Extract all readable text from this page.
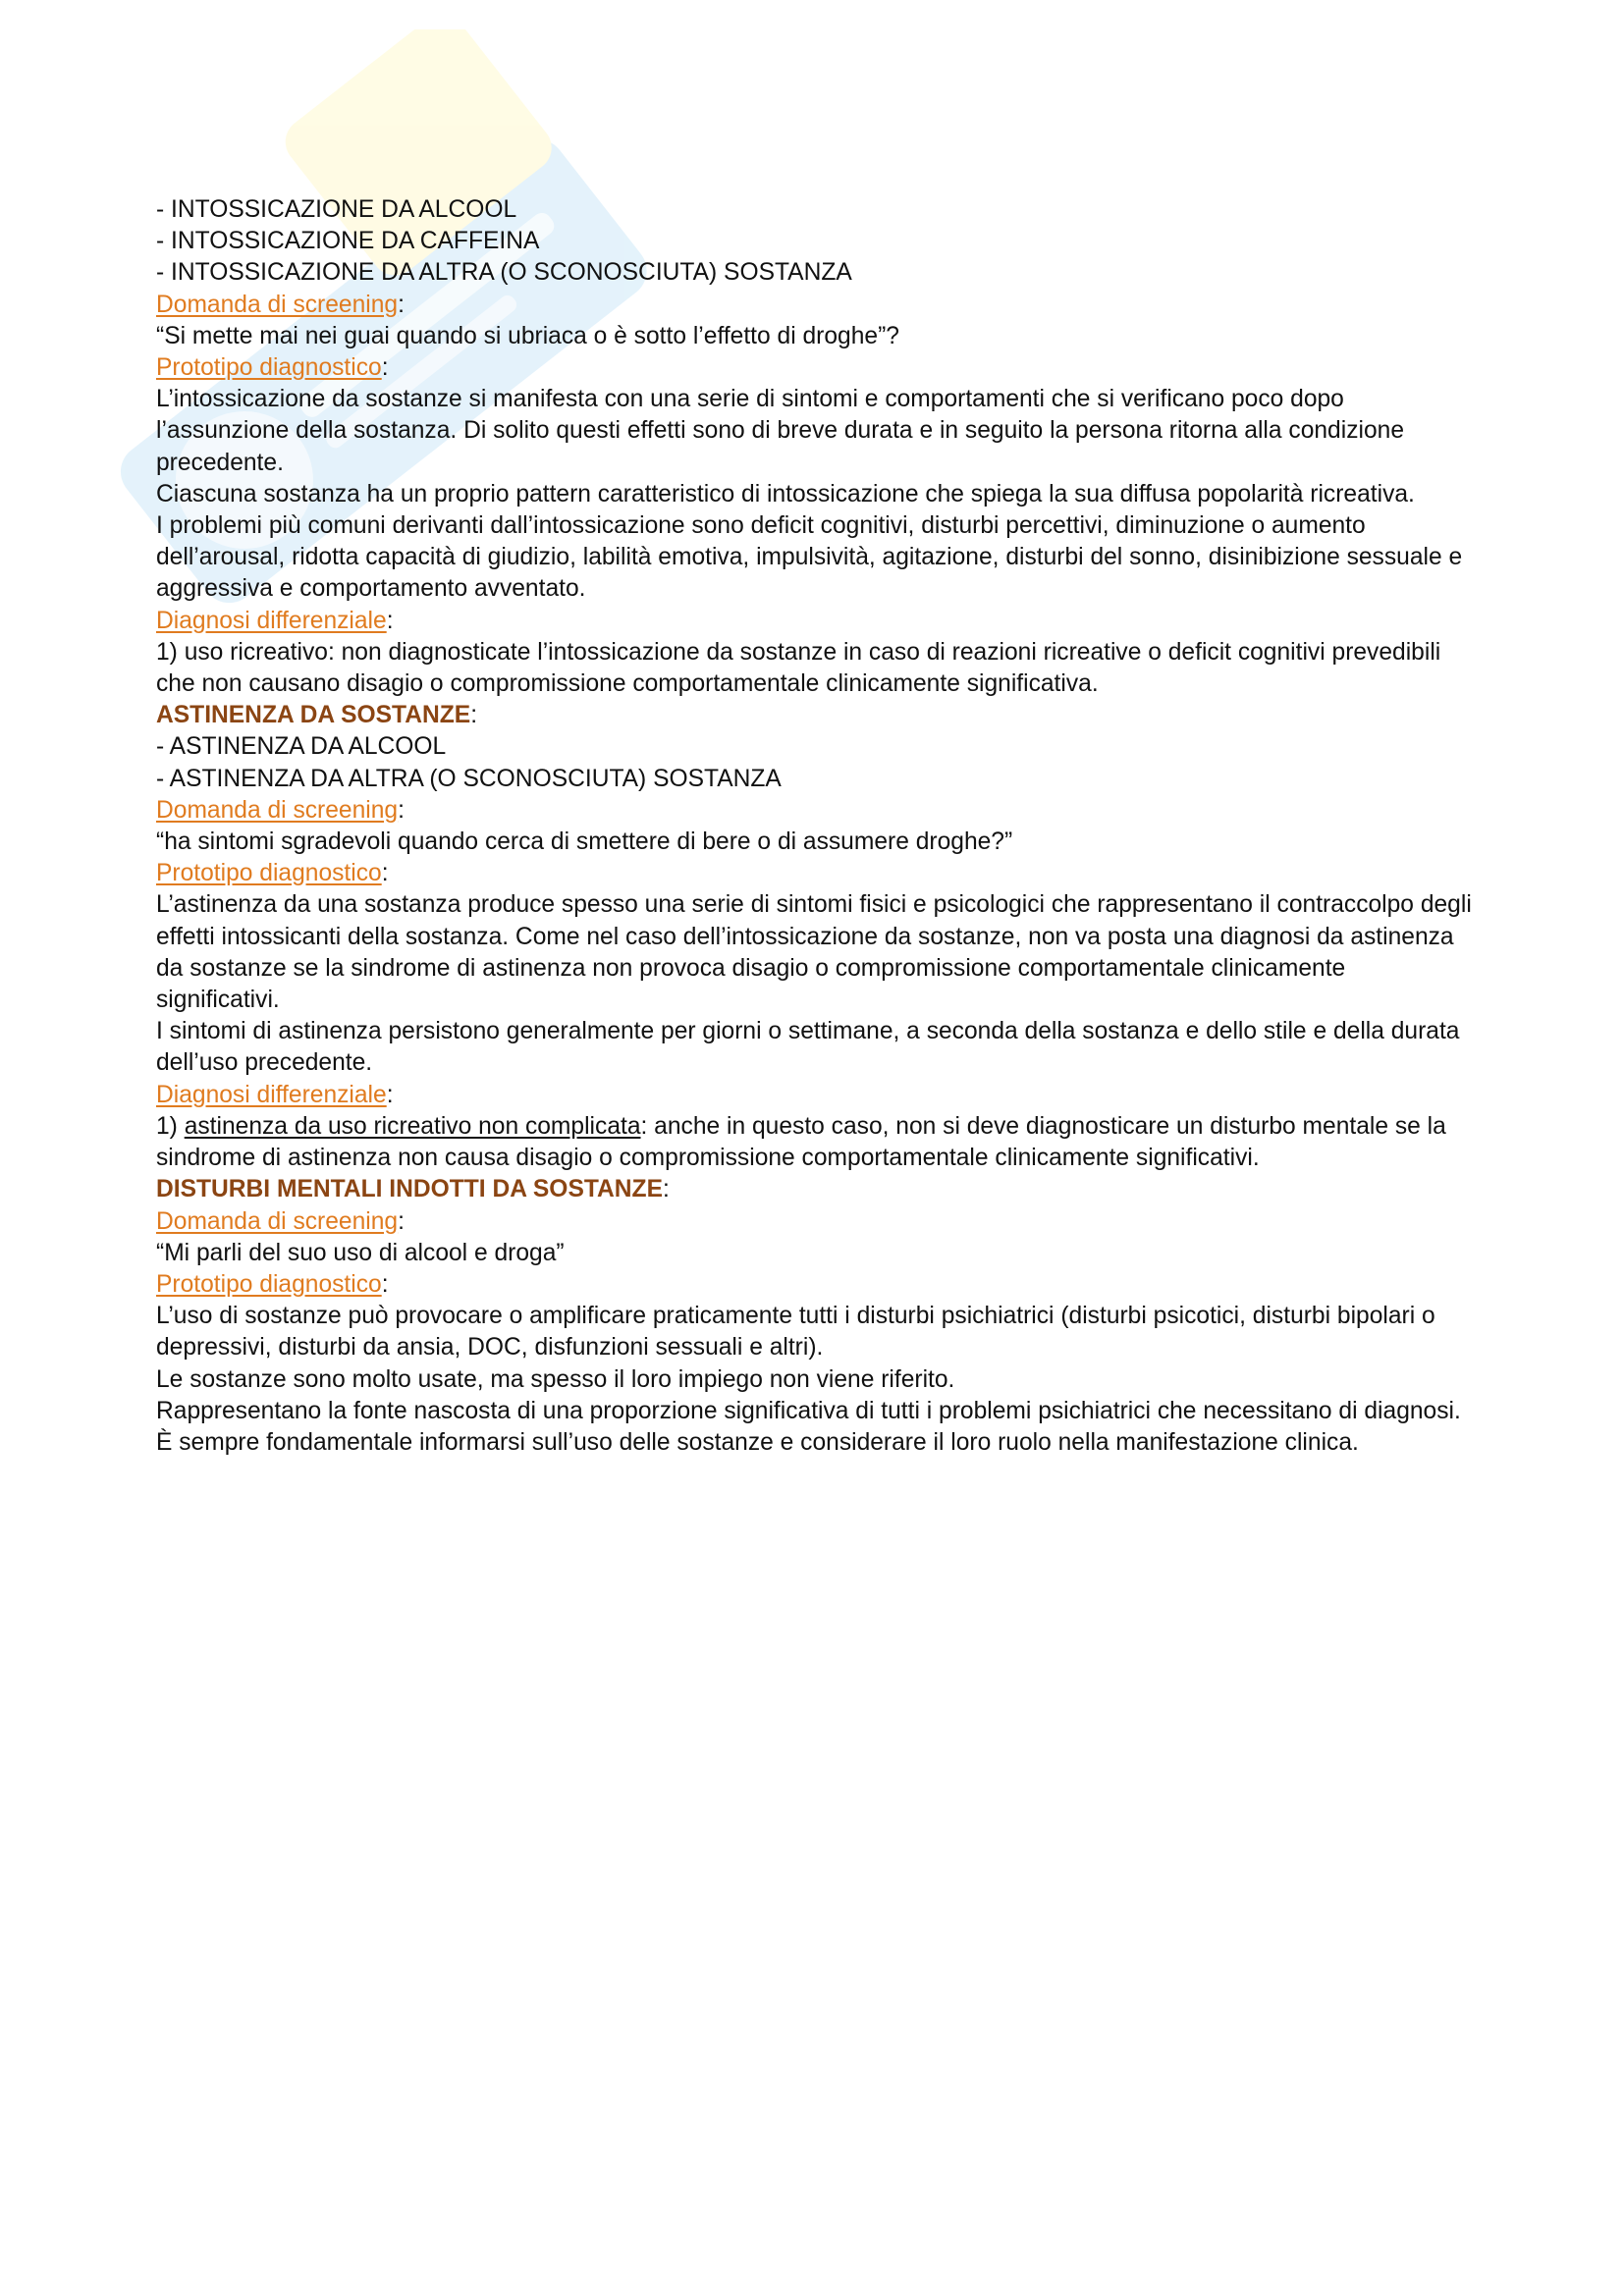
- INTOSSICAZIONE DA ALCOOL
- INTOSSICAZIONE DA CAFFEINA
- INTOSSICAZIONE DA ALTRA (O SCONOSCIUTA) SOSTANZA
Domanda di screening:
“Si mette mai nei guai quando si ubriaca o è sotto l’effetto di droghe”?
Prototipo diagnostico:
L’intossicazione da sostanze si manifesta con una serie di sintomi e comportamenti che si verificano poco dopo l’assunzione della sostanza. Di solito questi effetti sono di breve durata e in seguito la persona ritorna alla condizione precedente.
Ciascuna sostanza ha un proprio pattern caratteristico di intossicazione che spiega la sua diffusa popolarità ricreativa.
I problemi più comuni derivanti dall’intossicazione sono deficit cognitivi, disturbi percettivi, diminuzione o aumento dell’arousal, ridotta capacità di giudizio, labilità emotiva, impulsività, agitazione, disturbi del sonno, disinibizione sessuale e aggressiva e comportamento avventato.
Diagnosi differenziale:
1) uso ricreativo: non diagnosticate l’intossicazione da sostanze in caso di reazioni ricreative o deficit cognitivi prevedibili che non causano disagio o compromissione comportamentale clinicamente significativa.
ASTINENZA DA SOSTANZE:
- ASTINENZA DA ALCOOL
- ASTINENZA DA ALTRA (O SCONOSCIUTA) SOSTANZA
Domanda di screening:
“ha sintomi sgradevoli quando cerca di smettere di bere o di assumere droghe?”
Prototipo diagnostico:
L’astinenza da una sostanza produce spesso una serie di sintomi fisici e psicologici che rappresentano il contraccolpo degli effetti intossicanti della sostanza. Come nel caso dell’intossicazione da sostanze, non va posta una diagnosi da astinenza da sostanze se la sindrome di astinenza non provoca disagio o compromissione comportamentale clinicamente significativi.
I sintomi di astinenza persistono generalmente per giorni o settimane, a seconda della sostanza e dello stile e della durata dell’uso precedente.
Diagnosi differenziale:
1) astinenza da uso ricreativo non complicata: anche in questo caso, non si deve diagnosticare un disturbo mentale se la sindrome di astinenza non causa disagio o compromissione comportamentale clinicamente significativi.
DISTURBI MENTALI INDOTTI DA SOSTANZE:
Domanda di screening:
“Mi parli del suo uso di alcool e droga”
Prototipo diagnostico:
L’uso di sostanze può provocare o amplificare praticamente tutti i disturbi psichiatrici (disturbi psicotici, disturbi bipolari o depressivi, disturbi da ansia, DOC, disfunzioni sessuali e altri).
Le sostanze sono molto usate, ma spesso il loro impiego non viene riferito.
Rappresentano la fonte nascosta di una proporzione significativa di tutti i problemi psichiatrici che necessitano di diagnosi.
È sempre fondamentale informarsi sull’uso delle sostanze e considerare il loro ruolo nella manifestazione clinica.
